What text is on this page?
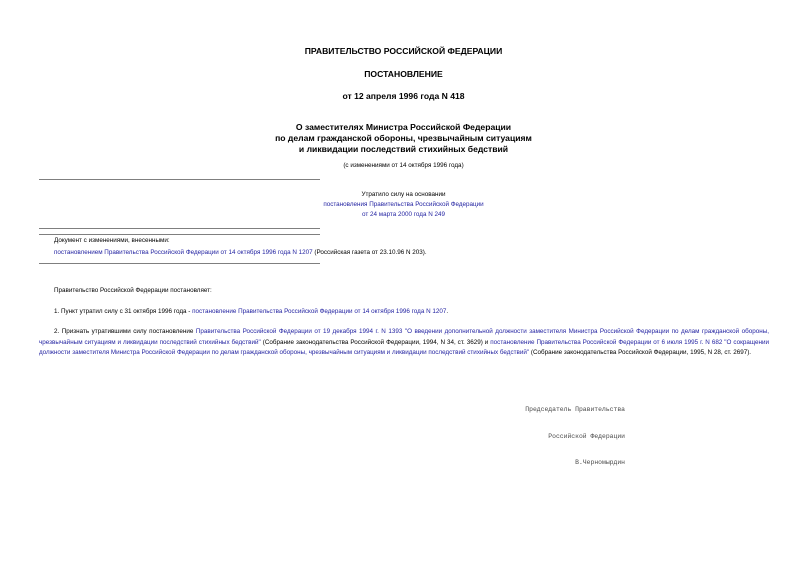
ПРАВИТЕЛЬСТВО РОССИЙСКОЙ ФЕДЕРАЦИИ
ПОСТАНОВЛЕНИЕ
от 12 апреля 1996 года N 418
О заместителях Министра Российской Федерации
по делам гражданской обороны, чрезвычайным ситуациям
и ликвидации последствий стихийных бедствий
(с изменениями от 14 октября 1996 года)
Утратило силу на основании
постановления Правительства Российской Федерации
от 24 марта 2000 года N 249
Документ с изменениями, внесенными:
постановлением Правительства Российской Федерации от 14 октября 1996 года N 1207 (Российская газета от 23.10.96 N 203).
Правительство Российской Федерации постановляет:
1. Пункт утратил силу с 31 октября 1996 года - постановление Правительства Российской Федерации от 14 октября 1996 года N 1207.
2. Признать утратившими силу постановление Правительства Российской Федерации от 19 декабря 1994 г. N 1393 "О введении дополнительной должности заместителя Министра Российской Федерации по делам гражданской обороны, чрезвычайным ситуациям и ликвидации последствий стихийных бедствий" (Собрание законодательства Российской Федерации, 1994, N 34, ст. 3629) и постановление Правительства Российской Федерации от 6 июля 1995 г. N 682 "О сокращении должности заместителя Министра Российской Федерации по делам гражданской обороны, чрезвычайным ситуациям и ликвидации последствий стихийных бедствий" (Собрание законодательства Российской Федерации, 1995, N 28, ст. 2697).

Председатель Правительства

Российской Федерации

В.Черномырдин
